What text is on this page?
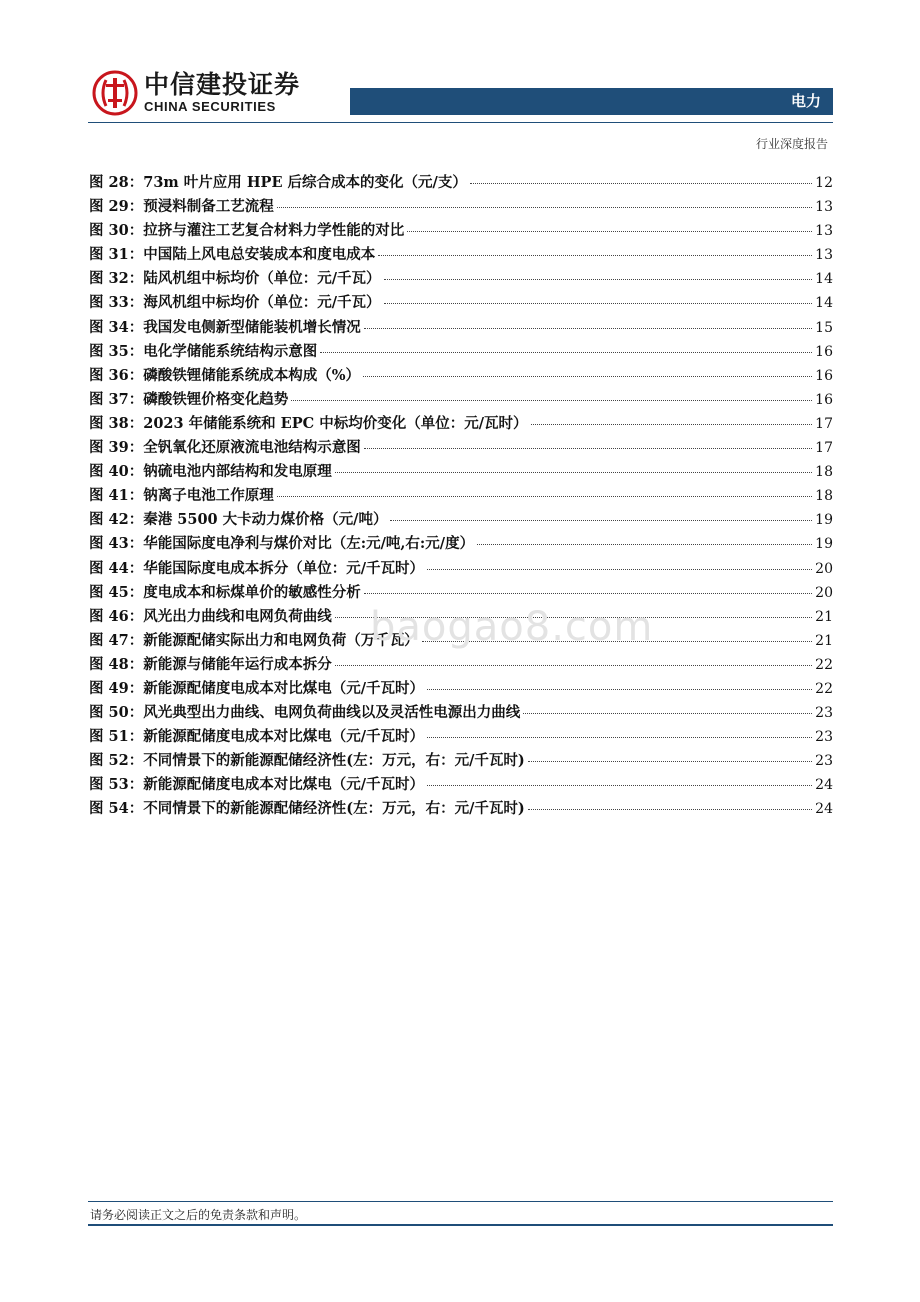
中信建投证券
CHINA SECURITIES	电力
行业深度报告
图 28： 73m 叶片应用 HPE 后综合成本的变化（元/支）	12
图 29： 预浸料制备工艺流程	13
图 30： 拉挤与灌注工艺复合材料力学性能的对比	13
图 31： 中国陆上风电总安装成本和度电成本	13
图 32： 陆风机组中标均价（单位：元/千瓦）	14
图 33： 海风机组中标均价（单位：元/千瓦）	14
图 34： 我国发电侧新型储能装机增长情况	15
图 35： 电化学储能系统结构示意图	16
图 36： 磷酸铁锂储能系统成本构成（%）	16
图 37： 磷酸铁锂价格变化趋势	16
图 38： 2023 年储能系统和 EPC 中标均价变化（单位：元/瓦时）	17
图 39： 全钒氧化还原液流电池结构示意图	17
图 40： 钠硫电池内部结构和发电原理	18
图 41： 钠离子电池工作原理	18
图 42： 秦港 5500 大卡动力煤价格（元/吨）	19
图 43： 华能国际度电净利与煤价对比（左:元/吨,右:元/度）	19
图 44： 华能国际度电成本拆分（单位：元/千瓦时）	20
图 45： 度电成本和标煤单价的敏感性分析	20
图 46： 风光出力曲线和电网负荷曲线	21
图 47： 新能源配储实际出力和电网负荷（万千瓦）	21
图 48： 新能源与储能年运行成本拆分	22
图 49： 新能源配储度电成本对比煤电（元/千瓦时）	22
图 50： 风光典型出力曲线、电网负荷曲线以及灵活性电源出力曲线	23
图 51： 新能源配储度电成本对比煤电（元/千瓦时）	23
图 52： 不同情景下的新能源配储经济性(左：万元，右：元/千瓦时)	23
图 53： 新能源配储度电成本对比煤电（元/千瓦时）	24
图 54： 不同情景下的新能源配储经济性(左：万元，右：元/千瓦时)	24
baogao8.com
请务必阅读正文之后的免责条款和声明。
